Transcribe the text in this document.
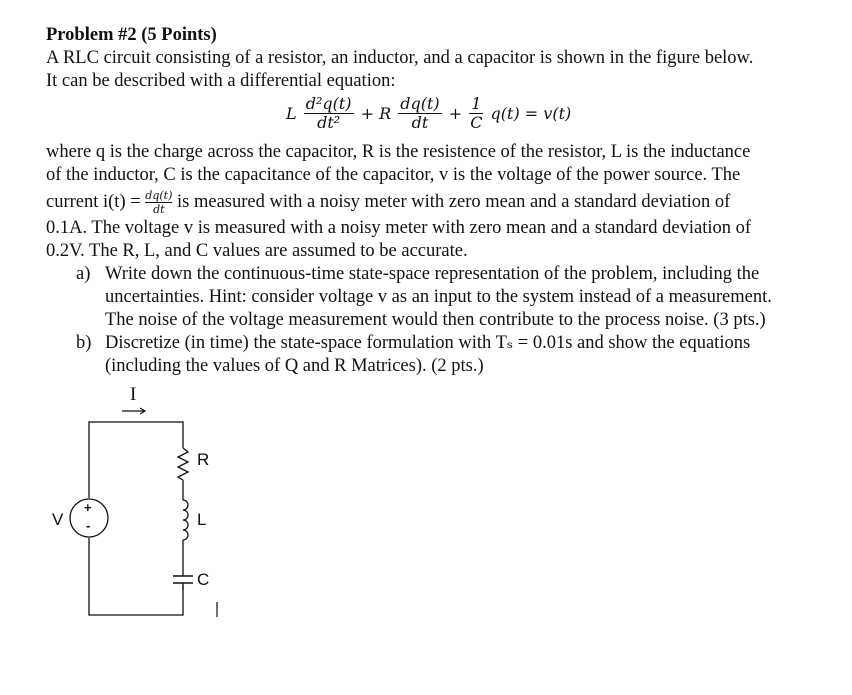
Problem #2 (5 Points)
A RLC circuit consisting of a resistor, an inductor, and a capacitor is shown in the figure below.
It can be described with a differential equation:
L $\frac{\text{d²q(t)}}{\text{dt²}} + R \frac{dq(t)}{dt} + \frac{1}{C} q(t) = v(t)$
where q is the charge across the capacitor, R is the resistence of the resistor, L is the inductance
of the inductor, C is the capacitance of the capacitor, v is the voltage of the power source. The
current $i(t) = \frac{dq(t)}{dt}$ is measured with a noisy meter with zero mean and a standard deviation of
0.1A. The voltage v is measured with a noisy meter with zero mean and a standard deviation of
0.2V. The R, L, and C values are assumed to be accurate.
a) Write down the continuous-time state-space representation of the problem, including the
uncertainties. Hint: consider voltage v as an input to the system instead of a measurement.
The noise of the voltage measurement would then contribute to the process noise. (3 pts.)
b) Discretize (in time) the state-space formulation with Tₛ = 0.01s and show the equations
(including the values of Q and R Matrices). (2 pts.)
I
R
L
C
V
+
-
